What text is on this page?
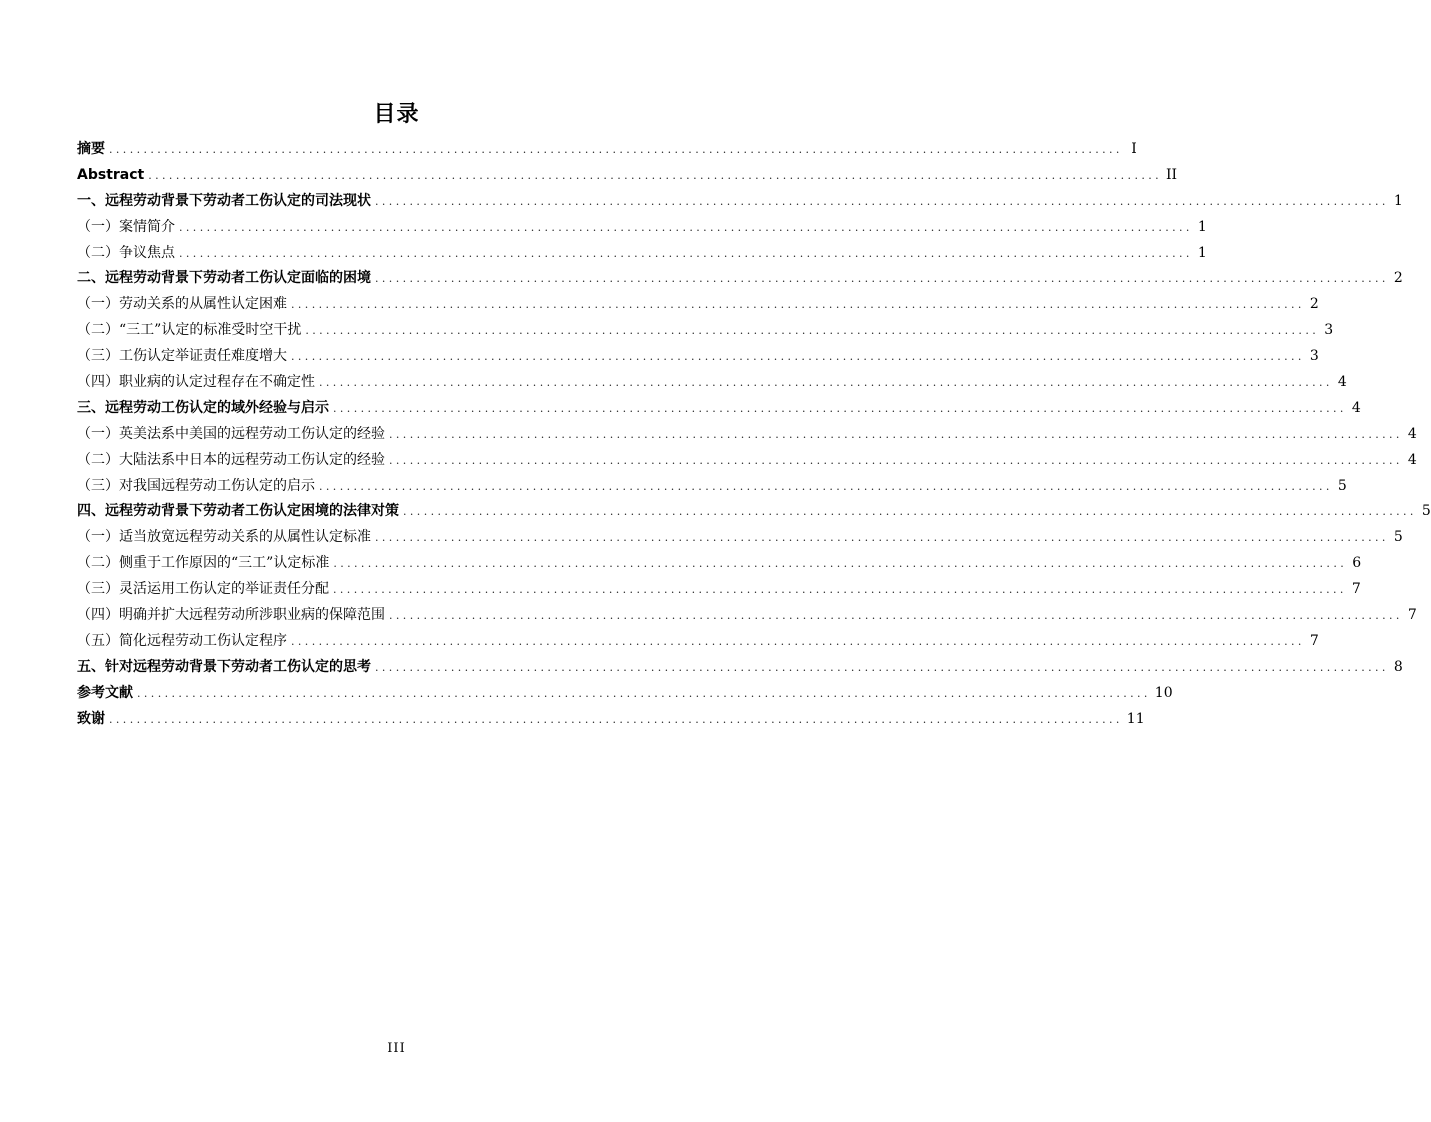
目录
摘要 ................................................................................................................................................... I
Abstract ................................................................................................................................................... II
一、远程劳动背景下劳动者工伤认定的司法现状 ................................................................................................................................................... 1
（一）案情简介 ................................................................................................................................................... 1
（二）争议焦点 ................................................................................................................................................... 1
二、远程劳动背景下劳动者工伤认定面临的困境 ................................................................................................................................................... 2
（一）劳动关系的从属性认定困难 ................................................................................................................................................... 2
（二）“三工”认定的标准受时空干扰 ................................................................................................................................................... 3
（三）工伤认定举证责任难度增大 ................................................................................................................................................... 3
（四）职业病的认定过程存在不确定性 ................................................................................................................................................... 4
三、远程劳动工伤认定的域外经验与启示 ................................................................................................................................................... 4
（一）英美法系中美国的远程劳动工伤认定的经验 ................................................................................................................................................... 4
（二）大陆法系中日本的远程劳动工伤认定的经验 ................................................................................................................................................... 4
（三）对我国远程劳动工伤认定的启示 ................................................................................................................................................... 5
四、远程劳动背景下劳动者工伤认定困境的法律对策 ................................................................................................................................................... 5
（一）适当放宽远程劳动关系的从属性认定标准 ................................................................................................................................................... 5
（二）侧重于工作原因的“三工”认定标准 ................................................................................................................................................... 6
（三）灵活运用工伤认定的举证责任分配 ................................................................................................................................................... 7
（四）明确并扩大远程劳动所涉职业病的保障范围 ................................................................................................................................................... 7
（五）简化远程劳动工伤认定程序 ................................................................................................................................................... 7
五、针对远程劳动背景下劳动者工伤认定的思考 ................................................................................................................................................... 8
参考文献 ................................................................................................................................................... 10
致谢 ................................................................................................................................................... 11
III
